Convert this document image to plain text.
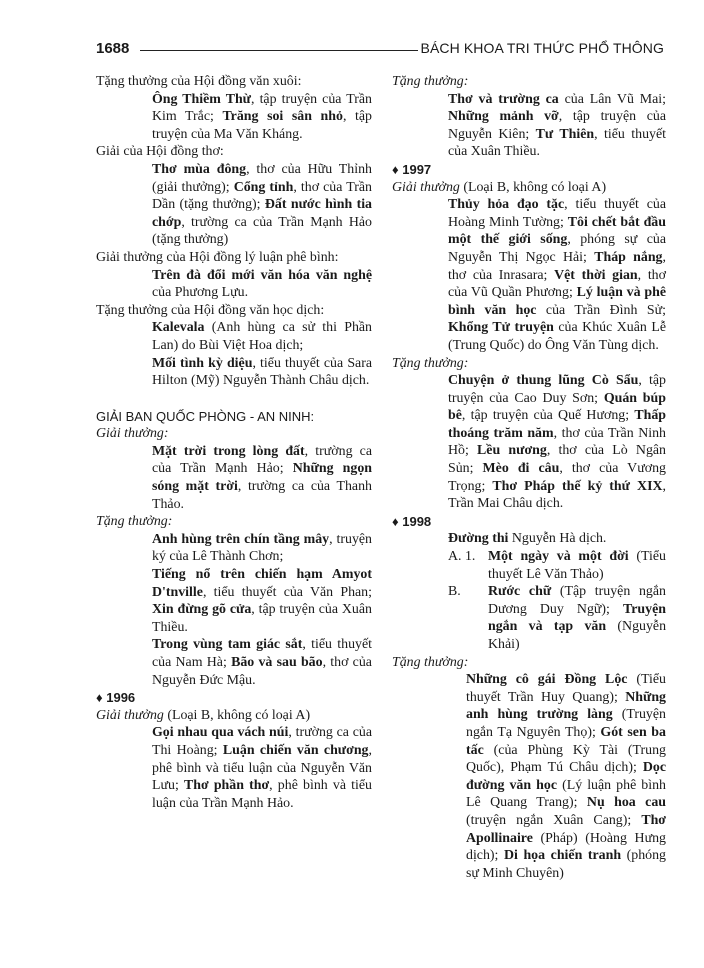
1688	BÁCH KHOA TRI THỨC PHỔ THÔNG
Tặng thưởng của Hội đồng văn xuôi:
Ông Thiềm Thừ, tập truyện của Trần Kim Trắc; Trăng soi sân nhỏ, tập truyện của Ma Văn Kháng.
Giải của Hội đồng thơ:
Thơ mùa đông, thơ của Hữu Thỉnh (giải thưởng); Cổng tỉnh, thơ của Trần Dần (tặng thưởng); Đất nước hình tia chớp, trường ca của Trần Mạnh Hảo (tặng thưởng)
Giải thưởng của Hội đồng lý luận phê bình:
Trên đà đổi mới văn hóa văn nghệ của Phương Lựu.
Tặng thưởng của Hội đồng văn học dịch:
Kalevala (Anh hùng ca sử thi Phần Lan) do Bùi Việt Hoa dịch;
Mối tình kỳ diệu, tiểu thuyết của Sara Hilton (Mỹ) Nguyễn Thành Châu dịch.
GIẢI BAN QUỐC PHÒNG - AN NINH:
Giải thưởng:
Mặt trời trong lòng đất, trường ca của Trần Mạnh Hảo; Những ngọn sóng mặt trời, trường ca của Thanh Thảo.
Tặng thưởng:
Anh hùng trên chín tầng mây, truyện ký của Lê Thành Chơn;
Tiếng nổ trên chiến hạm Amyot D'tnville, tiểu thuyết của Văn Phan; Xin đừng gõ cửa, tập truyện của Xuân Thiều.
Trong vùng tam giác sắt, tiểu thuyết của Nam Hà; Bão và sau bão, thơ của Nguyễn Đức Mậu.
♦ 1996
Giải thưởng (Loại B, không có loại A)
Gọi nhau qua vách núi, trường ca của Thi Hoàng; Luận chiến văn chương, phê bình và tiểu luận của Nguyễn Văn Lưu; Thơ phần thơ, phê bình và tiểu luận của Trần Mạnh Hảo.
Tặng thưởng:
Thơ và trường ca của Lân Vũ Mai; Những mảnh vỡ, tập truyện của Nguyễn Kiên; Tư Thiên, tiểu thuyết của Xuân Thiều.
♦ 1997
Giải thưởng (Loại B, không có loại A)
Thủy hỏa đạo tặc, tiểu thuyết của Hoàng Minh Tường; Tôi chết bắt đầu một thế giới sống, phóng sự của Nguyễn Thị Ngọc Hải; Tháp nắng, thơ của Inrasara; Vệt thời gian, thơ của Vũ Quần Phương; Lý luận và phê bình văn học của Trần Đình Sử; Khổng Tử truyện của Khúc Xuân Lễ (Trung Quốc) do Ông Văn Tùng dịch.
Tặng thưởng:
Chuyện ở thung lũng Cò Sẩu, tập truyện của Cao Duy Sơn; Quán búp bê, tập truyện của Quế Hương; Thấp thoáng trăm năm, thơ của Trần Ninh Hồ; Lều nương, thơ của Lò Ngân Sủn; Mèo đi câu, thơ của Vương Trọng; Thơ Pháp thế kỷ thứ XIX, Trần Mai Châu dịch.
♦ 1998
Đường thi Nguyễn Hà dịch.
A. 1. Một ngày và một đời (Tiểu thuyết Lê Văn Thảo)
B.	Rước chữ (Tập truyện ngắn Dương Duy Ngữ); Truyện ngắn và tạp văn (Nguyễn Khải)
Tặng thưởng:
Những cô gái Đồng Lộc (Tiểu thuyết Trần Huy Quang); Những anh hùng trường làng (Truyện ngắn Tạ Nguyên Thọ); Gót sen ba tấc (của Phùng Kỳ Tài (Trung Quốc), Phạm Tú Châu dịch); Dọc đường văn học (Lý luận phê bình Lê Quang Trang); Nụ hoa cau (truyện ngắn Xuân Cang); Thơ Apollinaire (Pháp) (Hoàng Hưng dịch); Di họa chiến tranh (phóng sự Minh Chuyên)
